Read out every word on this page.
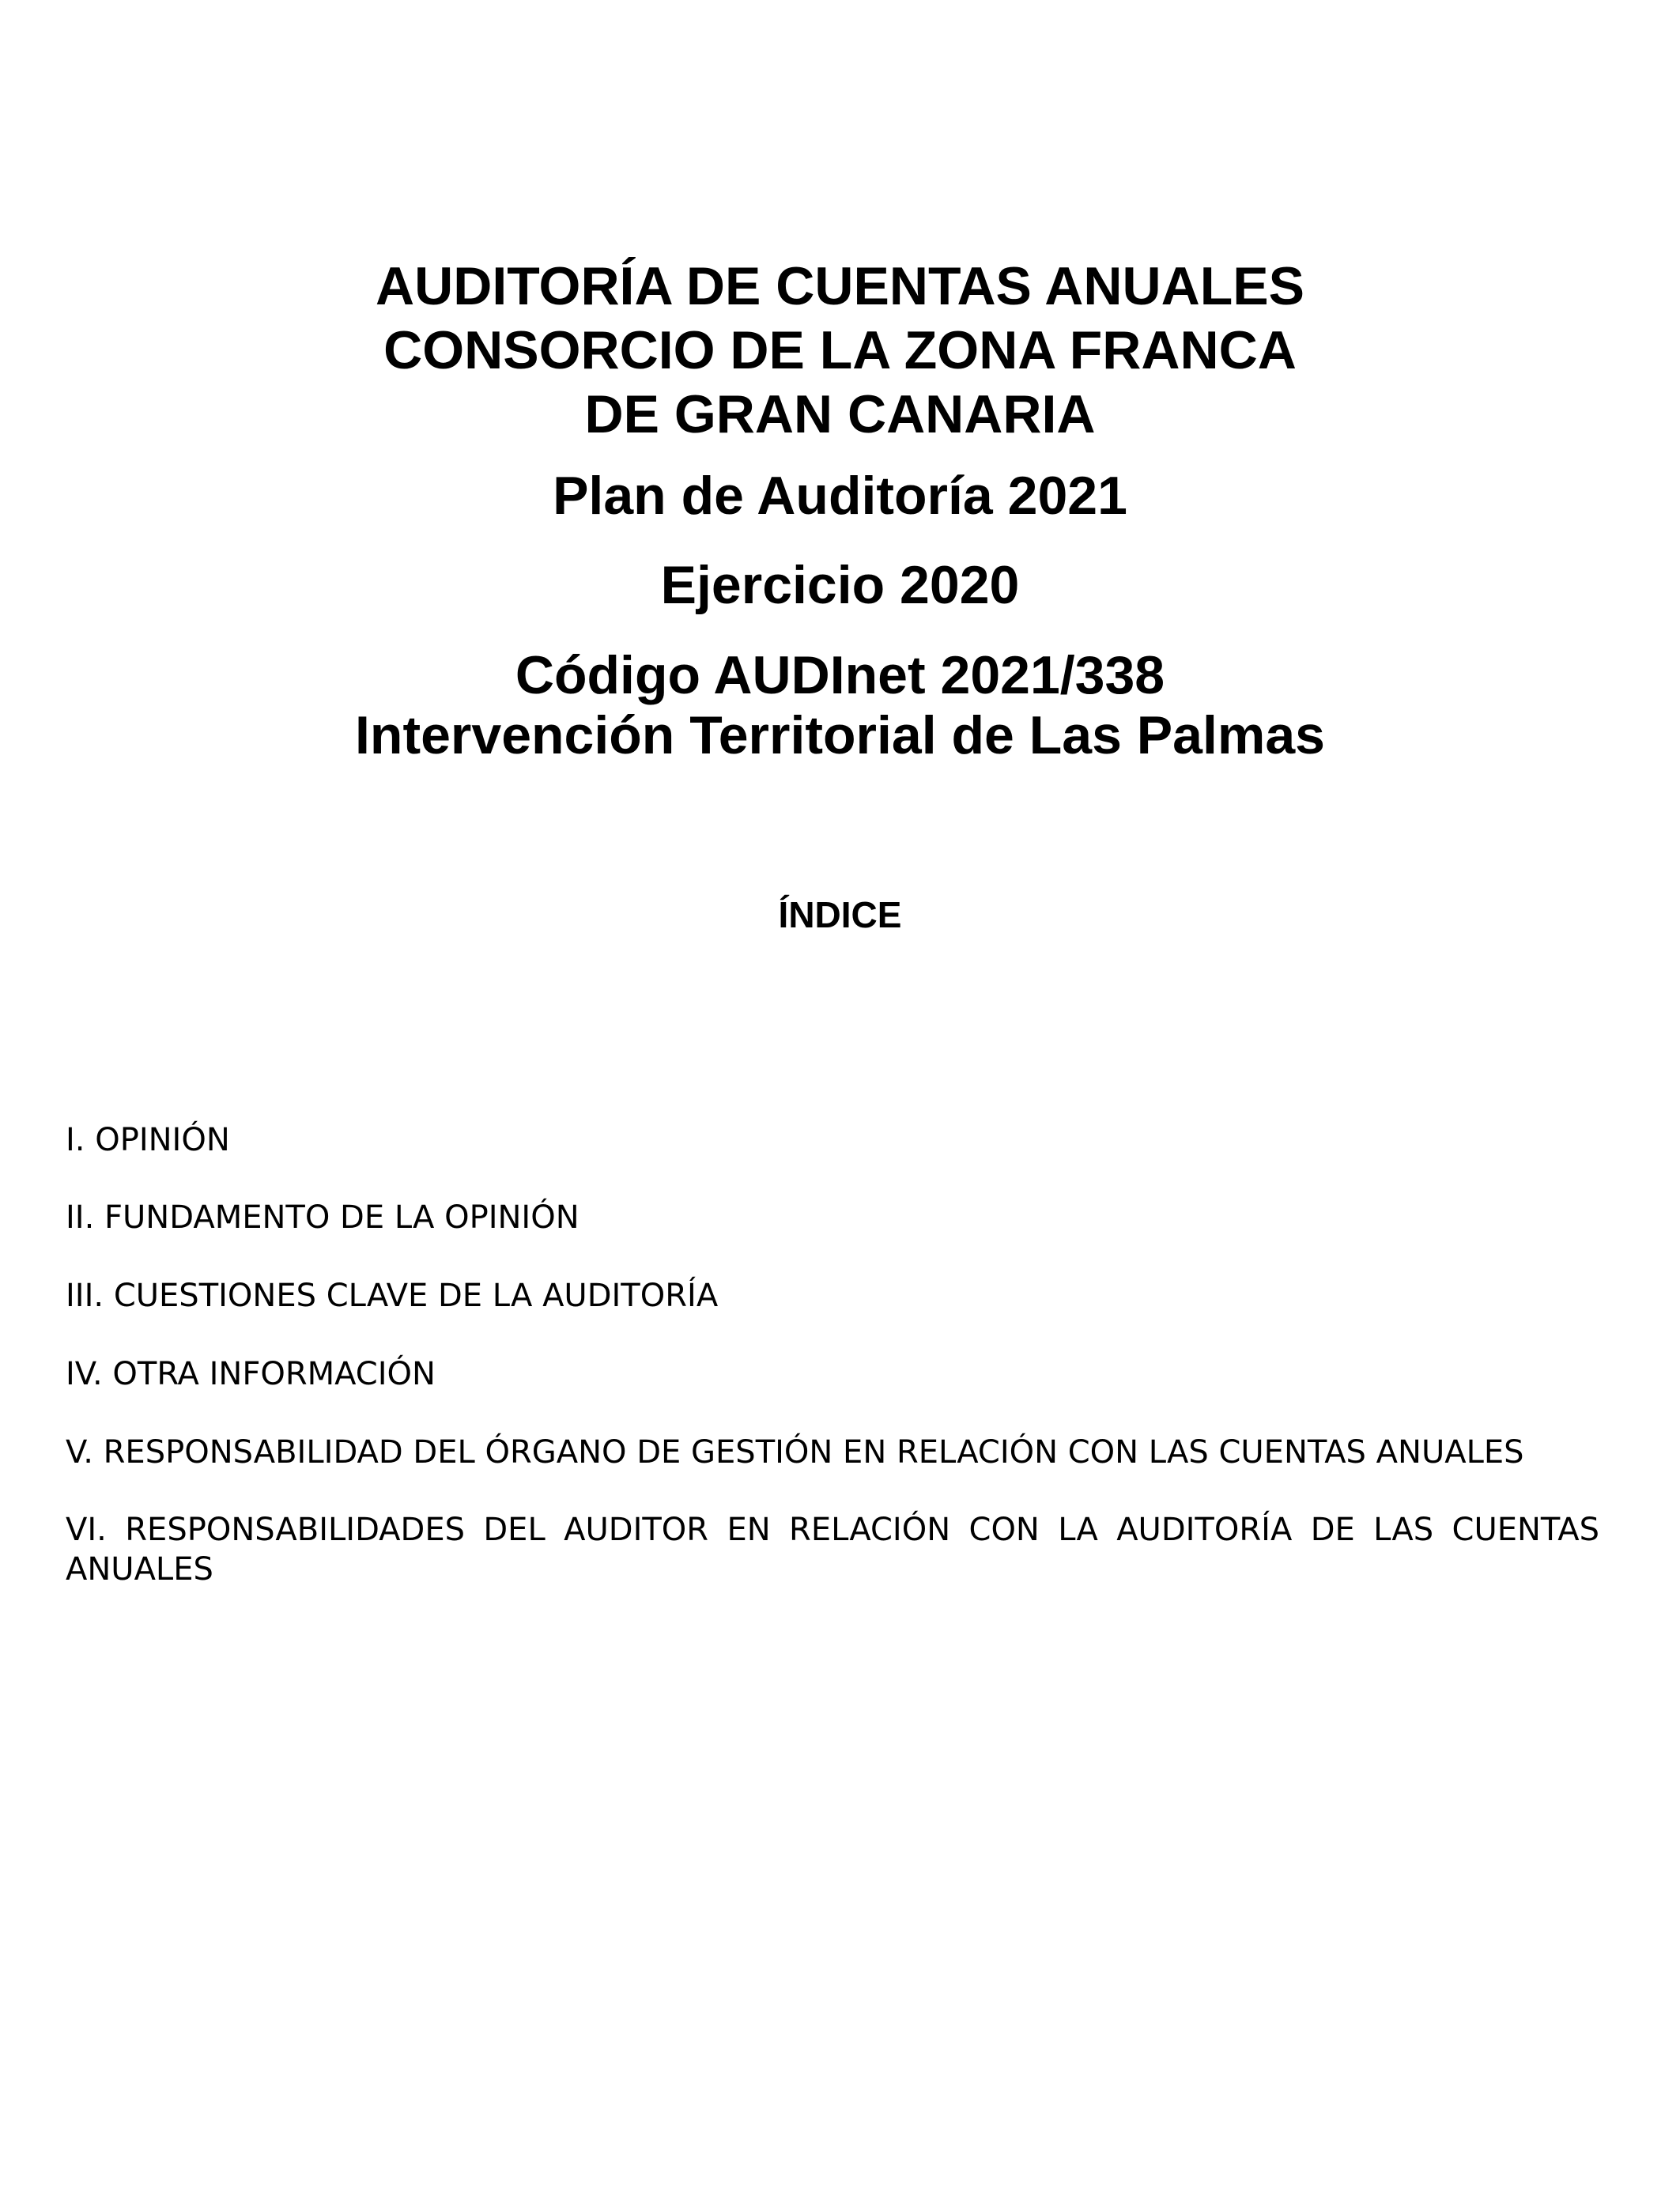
AUDITORÍA DE CUENTAS ANUALES
CONSORCIO DE LA ZONA FRANCA
DE GRAN CANARIA
Plan de Auditoría 2021
Ejercicio 2020
Código AUDInet 2021/338
Intervención Territorial de Las Palmas
ÍNDICE
I. OPINIÓN
II. FUNDAMENTO DE LA OPINIÓN
III. CUESTIONES CLAVE DE LA AUDITORÍA
IV. OTRA INFORMACIÓN
V. RESPONSABILIDAD DEL ÓRGANO DE GESTIÓN EN RELACIÓN CON LAS CUENTAS ANUALES
VI. RESPONSABILIDADES DEL AUDITOR EN RELACIÓN CON LA AUDITORÍA DE LAS CUENTAS ANUALES
